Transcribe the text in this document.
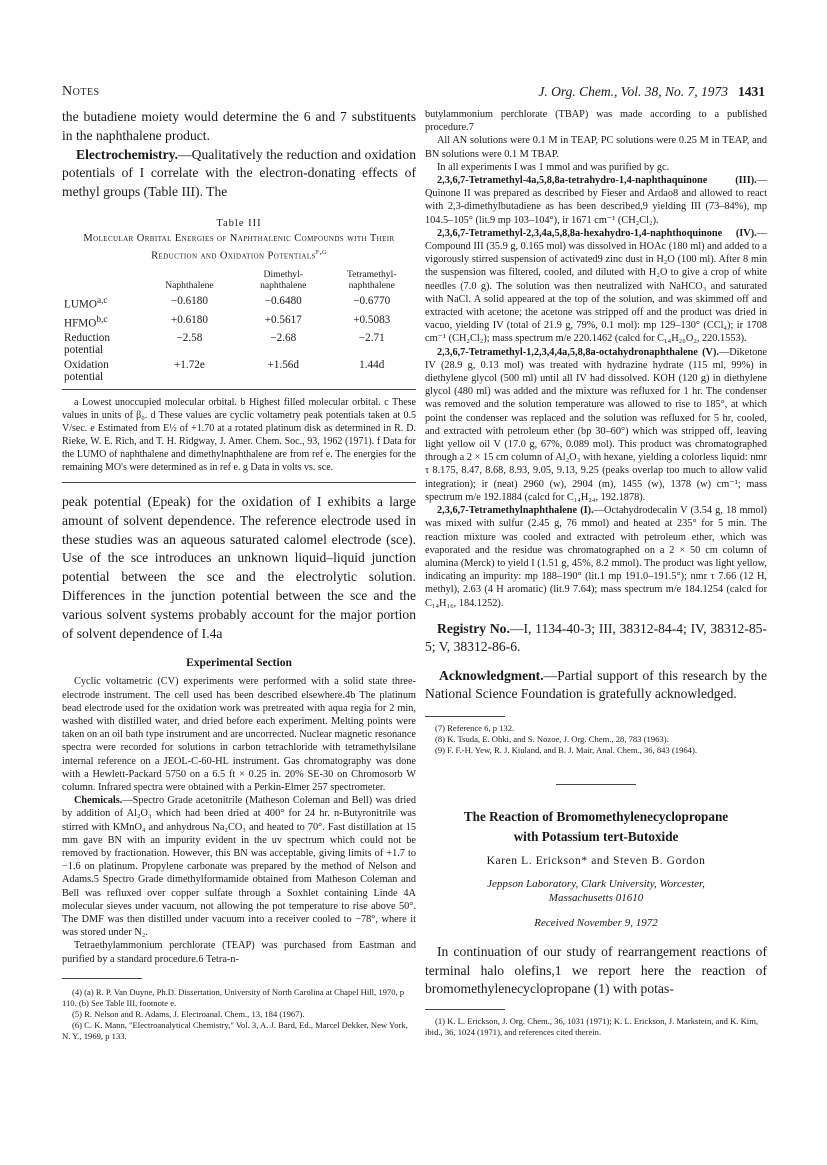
Notes	J. Org. Chem., Vol. 38, No. 7, 1973 1431

the butadiene moiety would determine the 6 and 7 substituents in the naphthalene product.

Electrochemistry.—Qualitatively the reduction and oxidation potentials of I correlate with the electron-donating effects of methyl groups (Table III). The

Table III
Molecular Orbital Energies of Naphthalenic Compounds with Their Reduction and Oxidation Potentials$^{f,g}$
	Naphthalene	Dimethyl-naphthalene	Tetramethyl-naphthalene
LUMO$^{a,c}$	−0.6180	−0.6480	−0.6770
HFMO$^{b,c}$	+0.6180	+0.5617	+0.5083
Reduction potential	−2.58	−2.68	−2.71
Oxidation potential	+1.72e	+1.56d	1.44d

a Lowest unoccupied molecular orbital. b Highest filled molecular orbital. c These values in units of β₀. d These values are cyclic voltametry peak potentials taken at 0.5 V/sec. e Estimated from E½ of +1.70 at a rotated platinum disk as determined in R. D. Rieke, W. E. Rich, and T. H. Ridgway, J. Amer. Chem. Soc., 93, 1962 (1971). f Data for the LUMO of naphthalene and dimethylnaphthalene are from ref e. The energies for the remaining MO's were determined as in ref e. g Data in volts vs. sce.

peak potential (Epeak) for the oxidation of I exhibits a large amount of solvent dependence. The reference electrode used in these studies was an aqueous saturated calomel electrode (sce). Use of the sce introduces an unknown liquid–liquid junction potential between the sce and the electrolytic solution. Differences in the junction potential between the sce and the various solvent systems probably account for the major portion of solvent dependence of I.4a

Experimental Section

Cyclic voltametric (CV) experiments were performed with a solid state three-electrode instrument. The cell used has been described elsewhere.4b The platinum bead electrode used for the oxidation work was pretreated with aqua regia for 2 min, washed with distilled water, and dried before each experiment. Melting points were taken on an oil bath type instrument and are uncorrected. Nuclear magnetic resonance spectra were recorded for solutions in carbon tetrachloride with tetramethylsilane internal reference on a JEOL-C-60-HL instrument. Gas chromatography was done with a Hewlett-Packard 5750 on a 6.5 ft × 0.25 in. 20% SE-30 on Chromosorb W column. Infrared spectra were obtained with a Perkin-Elmer 257 spectrometer.

Chemicals.—Spectro Grade acetonitrile (Matheson Coleman and Bell) was dried by addition of Al₂O₃ which had been dried at 400° for 24 hr. n-Butyronitrile was stirred with KMnO₄ and anhydrous Na₂CO₃ and heated to 70°. Fast distillation at 15 mm gave BN with an impurity evident in the uv spectrum which could not be removed by fractionation. However, this BN was acceptable, giving limits of +1.7 to −1.6 on platinum. Propylene carbonate was prepared by the method of Nelson and Adams.5 Spectro Grade dimethylformamide obtained from Matheson Coleman and Bell was refluxed over copper sulfate through a Soxhlet containing Linde 4A molecular sieves under vacuum, not allowing the pot temperature to rise above 50°. The DMF was then distilled under vacuum into a receiver cooled to −78°, where it was stored under N₂.

Tetraethylammonium perchlorate (TEAP) was purchased from Eastman and purified by a standard procedure.6 Tetra-n-

(4) (a) R. P. Van Duyne, Ph.D. Dissertation, University of North Carolina at Chapel Hill, 1970, p 110. (b) See Table III, footnote e.

(5) R. Nelson and R. Adams, J. Electroanal. Chem., 13, 184 (1967).

(6) C. K. Mann, "Electroanalytical Chemistry," Vol. 3, A. J. Bard, Ed., Marcel Dekker, New York, N. Y., 1969, p 133.

butylammonium perchlorate (TBAP) was made according to a published procedure.7

All AN solutions were 0.1 M in TEAP, PC solutions were 0.25 M in TEAP, and BN solutions were 0.1 M TBAP.

In all experiments I was 1 mmol and was purified by gc.

2,3,6,7-Tetramethyl-4a,5,8,8a-tetrahydro-1,4-naphthaquinone (III).—Quinone II was prepared as described by Fieser and Ardao8 and allowed to react with 2,3-dimethylbutadiene as has been described,9 yielding III (73–84%), mp 104.5–105° (lit.9 mp 103–104°), ir 1671 cm⁻¹ (CH₂Cl₂).

2,3,6,7-Tetramethyl-2,3,4a,5,8,8a-hexahydro-1,4-naphthoquinone (IV).—Compound III (35.9 g, 0.165 mol) was dissolved in HOAc (180 ml) and added to a vigorously stirred suspension of activated9 zinc dust in H₂O (100 ml). After 8 min the suspension was filtered, cooled, and diluted with H₂O to give a crop of white needles (7.0 g). The solution was then neutralized with NaHCO₃ and saturated with NaCl. A solid appeared at the top of the solution, and was skimmed off and extracted with acetone; the acetone was stripped off and the product was dried in vacuo, yielding IV (total of 21.9 g, 79%, 0.1 mol): mp 129–130° (CCl₄); ir 1708 cm⁻¹ (CH₂Cl₂); mass spectrum m/e 220.1462 (calcd for C₁₄H₂₀O₂, 220.1553).

2,3,6,7-Tetramethyl-1,2,3,4,4a,5,8,8a-octahydronaphthalene (V).—Diketone IV (28.9 g, 0.13 mol) was treated with hydrazine hydrate (115 ml, 99%) in diethylene glycol (500 ml) until all IV had dissolved. KOH (120 g) in diethylene glycol (480 ml) was added and the mixture was refluxed for 1 hr. The condenser was removed and the solution temperature was allowed to rise to 185°, at which point the condenser was replaced and the solution was refluxed for 5 hr, cooled, and extracted with petroleum ether (bp 30–60°) which was stripped off, leaving light yellow oil V (17.0 g, 67%, 0.089 mol). This product was chromatographed through a 2 × 15 cm column of Al₂O₃ with hexane, yielding a colorless liquid: nmr τ 8.175, 8.47, 8.68, 8.93, 9.05, 9.13, 9.25 (peaks overlap too much to allow valid integration); ir (neat) 2960 (w), 2904 (m), 1455 (w), 1378 (w) cm⁻¹; mass spectrum m/e 192.1884 (calcd for C₁₄H₂₄, 192.1878).

2,3,6,7-Tetramethylnaphthalene (I).—Octahydrodecalin V (3.54 g, 18 mmol) was mixed with sulfur (2.45 g, 76 mmol) and heated at 235° for 5 min. The reaction mixture was cooled and extracted with petroleum ether, which was evaporated and the residue was chromatographed on a 2 × 50 cm column of alumina (Merck) to yield I (1.51 g, 45%, 8.2 mmol). The product was light yellow, indicating an impurity: mp 188–190° (lit.1 mp 191.0–191.5°); nmr τ 7.66 (12 H, methyl), 2.63 (4 H aromatic) (lit.9 7.64); mass spectrum m/e 184.1254 (calcd for C₁₄H₁₆, 184.1252).

Registry No.—I, 1134-40-3; III, 38312-84-4; IV, 38312-85-5; V, 38312-86-6.

Acknowledgment.—Partial support of this research by the National Science Foundation is gratefully acknowledged.

(7) Reference 6, p 132.

(8) K. Tsuda, E. Ohki, and S. Nozoe, J. Org. Chem., 28, 783 (1963).

(9) F. F.-H. Yew, R. J. Kiuland, and B. J. Mair, Anal. Chem., 36, 843 (1964).

The Reaction of Bromomethylenecyclopropane
with Potassium tert-Butoxide
Karen L. Erickson* and Steven B. Gordon
Jeppson Laboratory, Clark University, Worcester,
Massachusetts 01610
Received November 9, 1972

In continuation of our study of rearrangement reactions of terminal halo olefins,1 we report here the reaction of bromomethylenecyclopropane (1) with potas-

(1) K. L. Erickson, J. Org. Chem., 36, 1031 (1971); K. L. Erickson, J. Markstein, and K. Kim, ibid., 36, 1024 (1971), and references cited therein.
